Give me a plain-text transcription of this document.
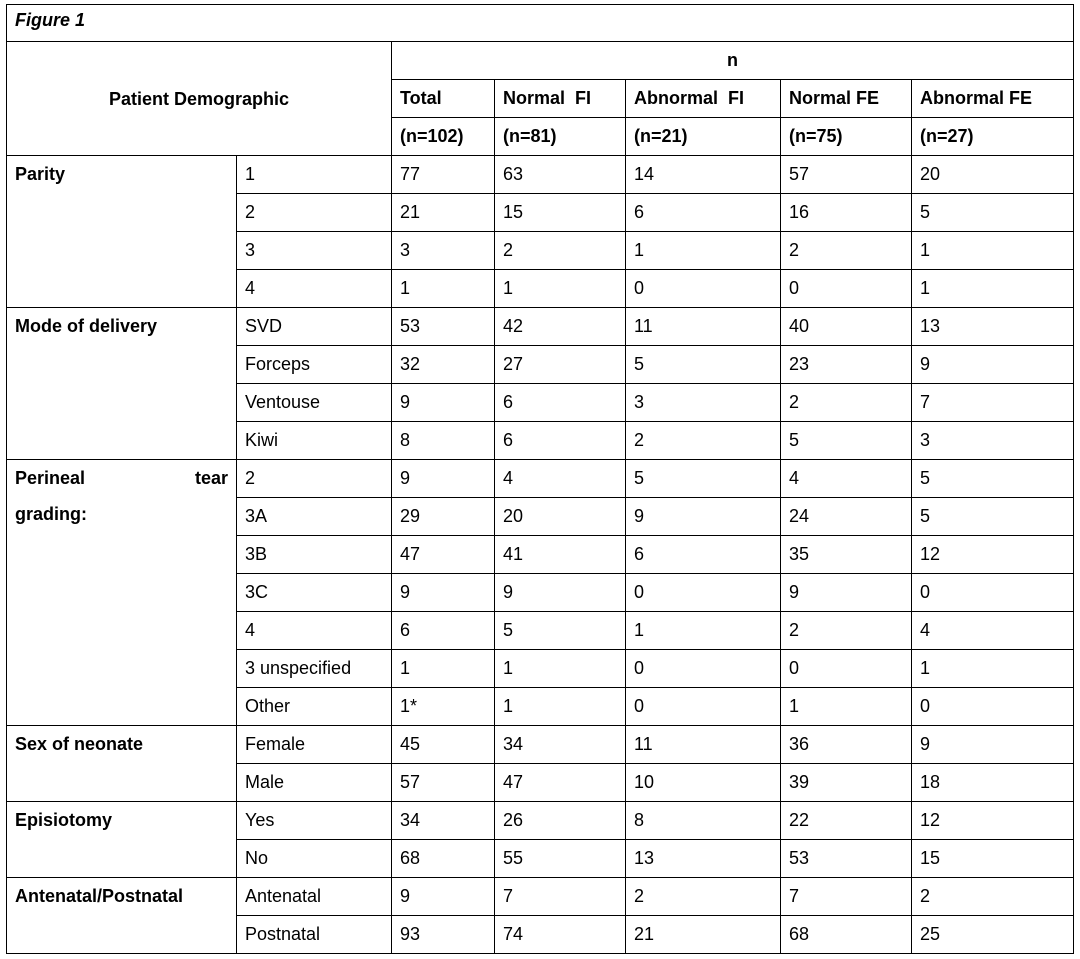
Figure 1						
Patient Demographic		n				
		Total	Normal  FI	Abnormal  FI	Normal FE	Abnormal FE
		(n=102)	(n=81)	(n=21)	(n=75)	(n=27)
Parity	1	77	63	14	57	20
	2	21	15	6	16	5
	3	3	2	1	2	1
	4	1	1	0	0	1
Mode of delivery	SVD	53	42	11	40	13
	Forceps	32	27	5	23	9
	Ventouse	9	6	3	2	7
	Kiwi	8	6	2	5	3

Perineal tear
grading:	2	9	4	5	4	5
	3A	29	20	9	24	5
	3B	47	41	6	35	12
	3C	9	9	0	9	0
	4	6	5	1	2	4
	3 unspecified	1	1	0	0	1
	Other	1*	1	0	1	0
Sex of neonate	Female	45	34	11	36	9
	Male	57	47	10	39	18
Episiotomy	Yes	34	26	8	22	12
	No	68	55	13	53	15
Antenatal/Postnatal	Antenatal	9	7	2	7	2
	Postnatal	93	74	21	68	25
